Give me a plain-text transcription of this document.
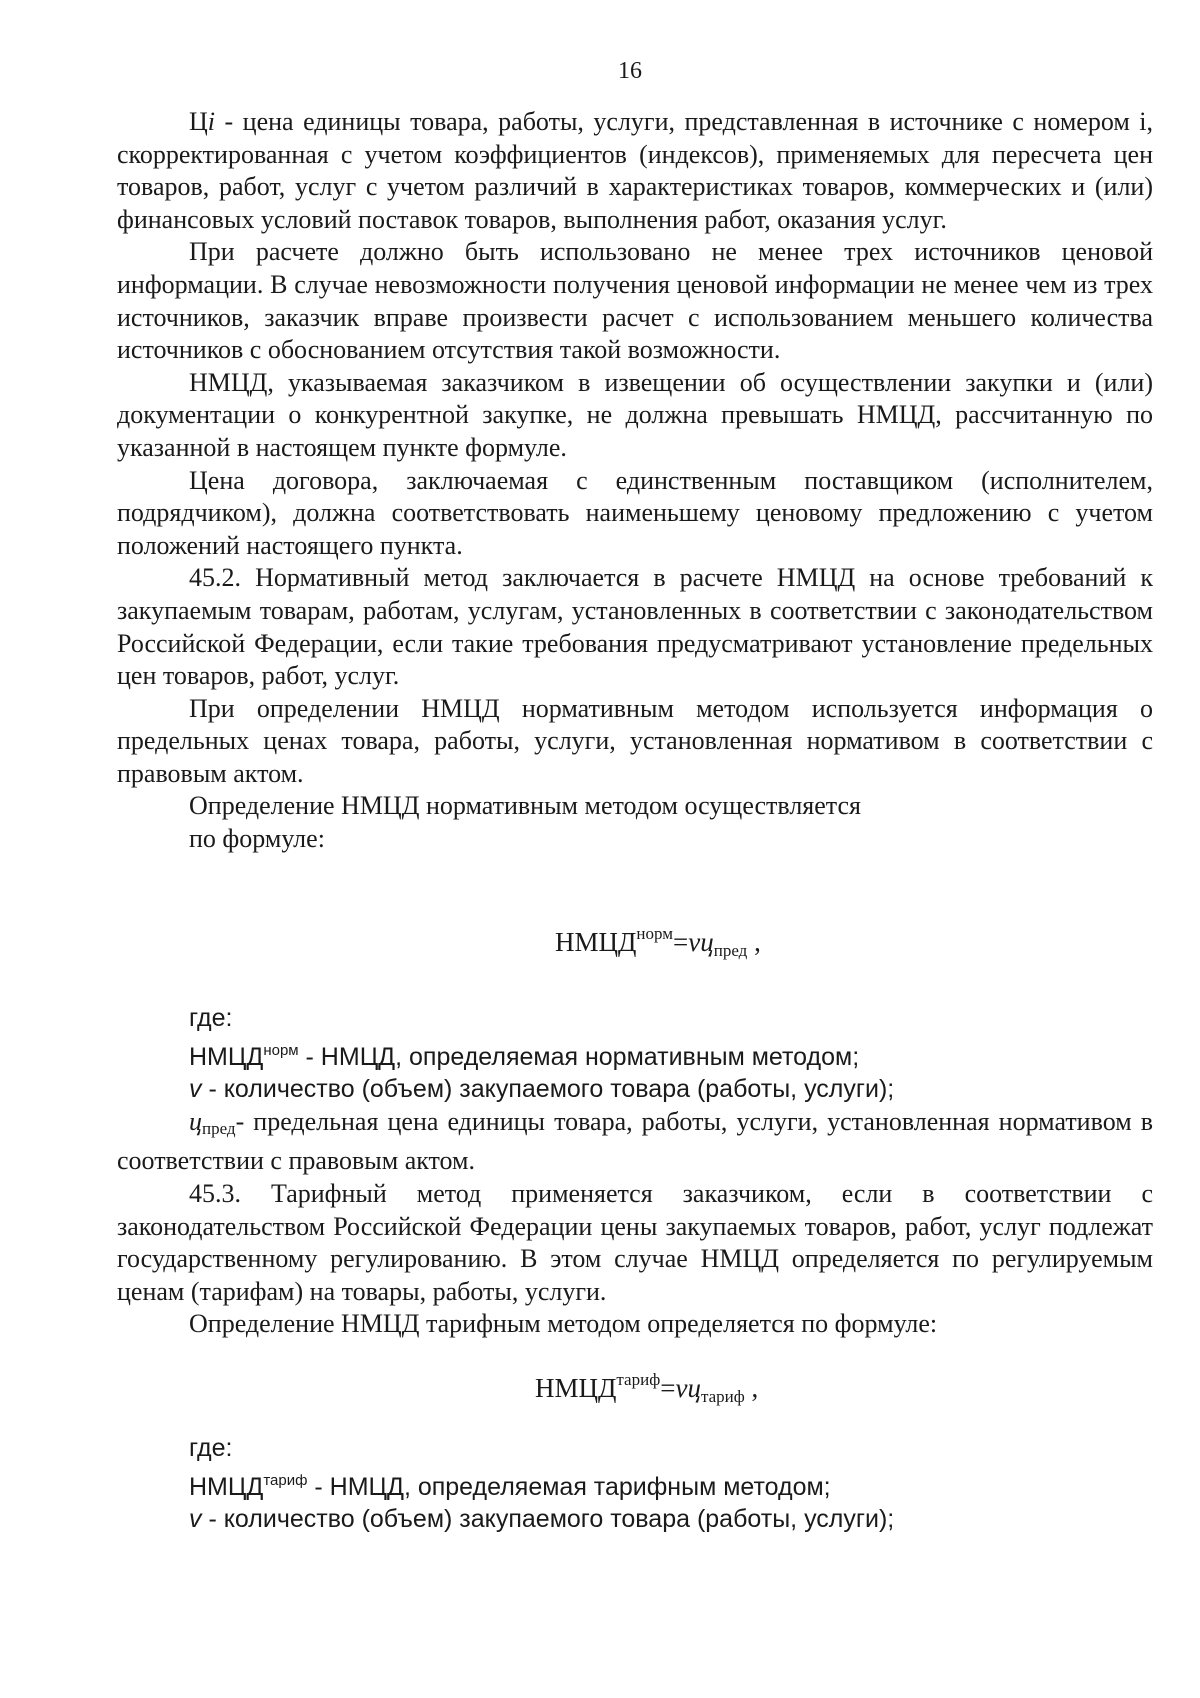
16

Цi - цена единицы товара, работы, услуги, представленная в источнике с номером i, скорректированная с учетом коэффициентов (индексов), применяемых для пересчета цен товаров, работ, услуг с учетом различий в характеристиках товаров, коммерческих и (или) финансовых условий поставок товаров, выполнения работ, оказания услуг.

При расчете должно быть использовано не менее трех источников ценовой информации. В случае невозможности получения ценовой информации не менее чем из трех источников, заказчик вправе произвести расчет с использованием меньшего количества источников с обоснованием отсутствия такой возможности.

НМЦД, указываемая заказчиком в извещении об осуществлении закупки и (или) документации о конкурентной закупке, не должна превышать НМЦД, рассчитанную по указанной в настоящем пункте формуле.

Цена договора, заключаемая с единственным поставщиком (исполнителем, подрядчиком), должна соответствовать наименьшему ценовому предложению с учетом положений настоящего пункта.

45.2. Нормативный метод заключается в расчете НМЦД на основе требований к закупаемым товарам, работам, услугам, установленных в соответствии с законодательством Российской Федерации, если такие требования предусматривают установление предельных цен товаров, работ, услуг.

При определении НМЦД нормативным методом используется информация о предельных ценах товара, работы, услуги, установленная нормативом в соответствии с правовым актом.

Определение НМЦД нормативным методом осуществляется

по формуле:

$НМЦД^{норм}=vц_{пред}$ ,

где:

$НМЦД^{норм}$ - НМЦД, определяемая нормативным методом;

v - количество (объем) закупаемого товара (работы, услуги);

цпред- предельная цена единицы товара, работы, услуги, установленная нормативом в соответствии с правовым актом.

45.3. Тарифный метод применяется заказчиком, если в соответствии с законодательством Российской Федерации цены закупаемых товаров, работ, услуг подлежат государственному регулированию. В этом случае НМЦД определяется по регулируемым ценам (тарифам) на товары, работы, услуги.

Определение НМЦД тарифным методом определяется по формуле:

$НМЦД^{тариф}=vц_{тариф}$ ,

где:

$НМЦД^{тариф}$ - НМЦД, определяемая тарифным методом;

v - количество (объем) закупаемого товара (работы, услуги);
